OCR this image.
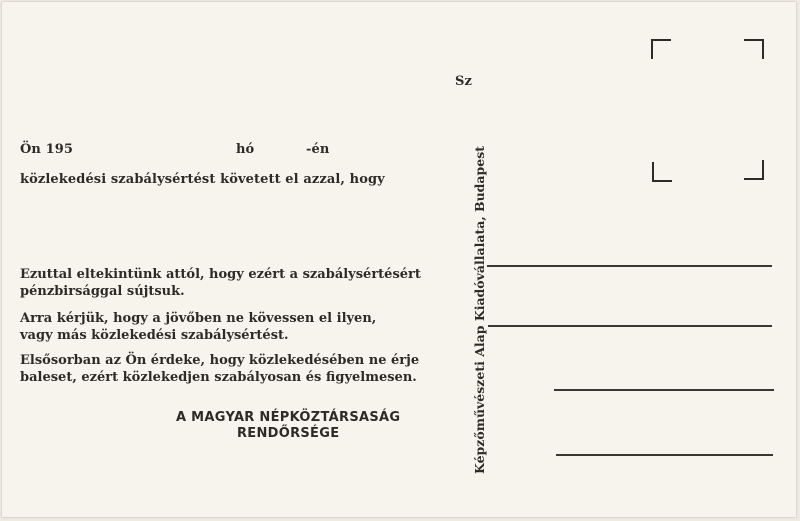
Ön 195	hó	-én
közlekedési szabálysértést követett el azzal, hogy
Ezuttal eltekintünk attól, hogy ezért a szabálysértésért
pénzbirsággal sújtsuk.
Arra kérjük, hogy a jövőben ne kövessen el ilyen,
vagy más közlekedési szabálysértést.
Elsősorban az Ön érdeke, hogy közlekedésében ne érje
baleset, ezért közlekedjen szabályosan és figyelmesen.
A MAGYAR NÉPKÖZTÁRSASÁG
RENDŐRSÉGE
Sz
Képzőművészeti Alap Kiadóvállalata, Budapest
